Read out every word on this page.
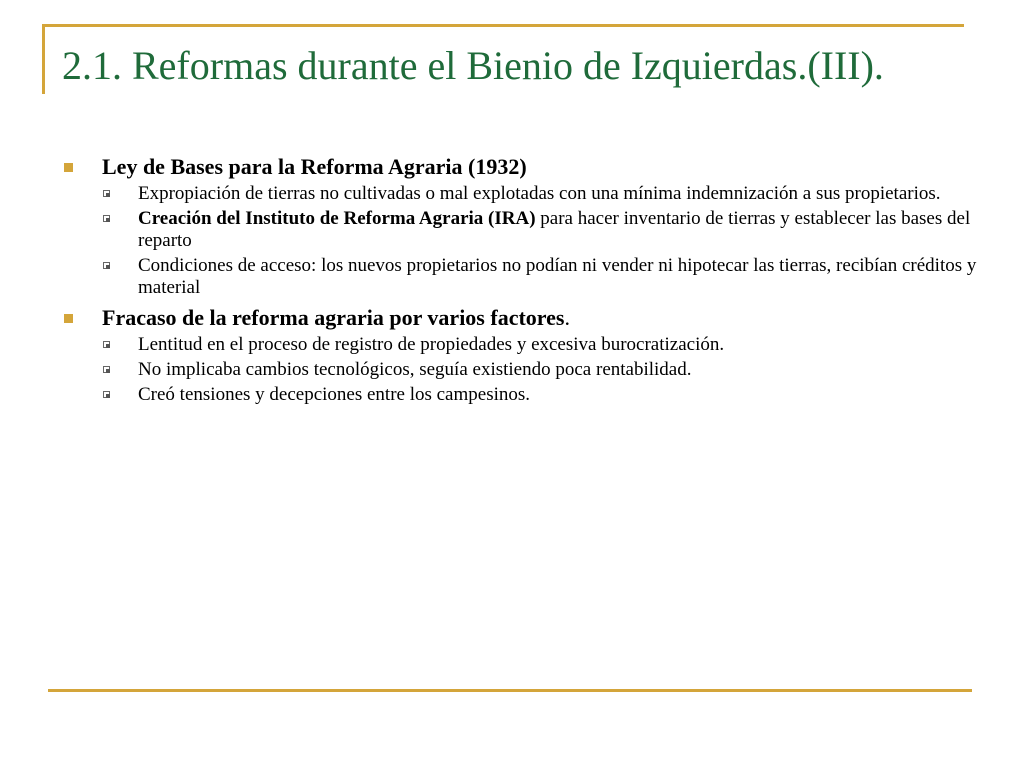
2.1. Reformas durante el Bienio de Izquierdas.(III).
Ley de Bases para la Reforma Agraria (1932)
Expropiación de tierras no cultivadas o mal explotadas con una mínima indemnización a sus propietarios.
Creación del Instituto de Reforma Agraria (IRA) para hacer inventario de tierras y establecer las bases del reparto
Condiciones de acceso: los nuevos propietarios no podían ni vender ni hipotecar las tierras, recibían créditos y material
Fracaso de la reforma agraria por varios factores.
Lentitud en el proceso de registro de propiedades y excesiva burocratización.
No implicaba cambios tecnológicos, seguía existiendo poca rentabilidad.
Creó tensiones y decepciones entre los campesinos.
